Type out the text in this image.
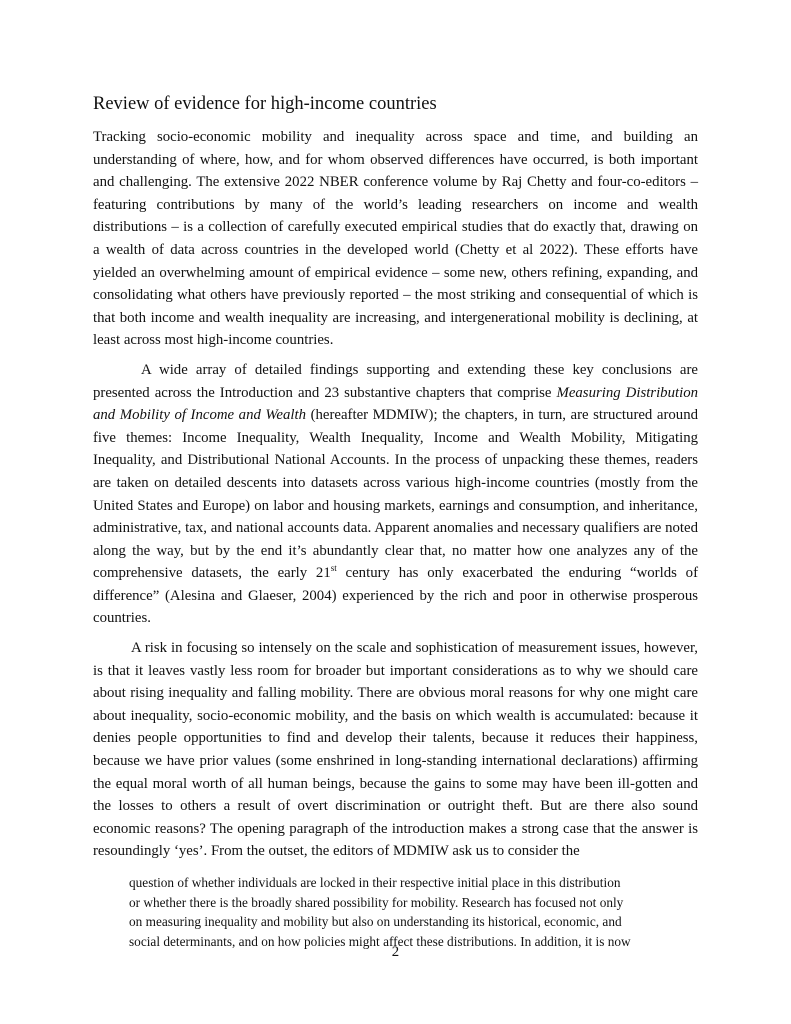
Review of evidence for high-income countries

Tracking socio-economic mobility and inequality across space and time, and building an understanding of where, how, and for whom observed differences have occurred, is both important and challenging. The extensive 2022 NBER conference volume by Raj Chetty and four-co-editors – featuring contributions by many of the world’s leading researchers on income and wealth distributions – is a collection of carefully executed empirical studies that do exactly that, drawing on a wealth of data across countries in the developed world (Chetty et al 2022). These efforts have yielded an overwhelming amount of empirical evidence – some new, others refining, expanding, and consolidating what others have previously reported – the most striking and consequential of which is that both income and wealth inequality are increasing, and intergenerational mobility is declining, at least across most high-income countries.

A wide array of detailed findings supporting and extending these key conclusions are presented across the Introduction and 23 substantive chapters that comprise Measuring Distribution and Mobility of Income and Wealth (hereafter MDMIW); the chapters, in turn, are structured around five themes: Income Inequality, Wealth Inequality, Income and Wealth Mobility, Mitigating Inequality, and Distributional National Accounts. In the process of unpacking these themes, readers are taken on detailed descents into datasets across various high-income countries (mostly from the United States and Europe) on labor and housing markets, earnings and consumption, and inheritance, administrative, tax, and national accounts data. Apparent anomalies and necessary qualifiers are noted along the way, but by the end it’s abundantly clear that, no matter how one analyzes any of the comprehensive datasets, the early 21st century has only exacerbated the enduring “worlds of difference” (Alesina and Glaeser, 2004) experienced by the rich and poor in otherwise prosperous countries.

A risk in focusing so intensely on the scale and sophistication of measurement issues, however, is that it leaves vastly less room for broader but important considerations as to why we should care about rising inequality and falling mobility. There are obvious moral reasons for why one might care about inequality, socio-economic mobility, and the basis on which wealth is accumulated: because it denies people opportunities to find and develop their talents, because it reduces their happiness, because we have prior values (some enshrined in long-standing international declarations) affirming the equal moral worth of all human beings, because the gains to some may have been ill-gotten and the losses to others a result of overt discrimination or outright theft. But are there also sound economic reasons? The opening paragraph of the introduction makes a strong case that the answer is resoundingly ‘yes’. From the outset, the editors of MDMIW ask us to consider the

question of whether individuals are locked in their respective initial place in this distribution
or whether there is the broadly shared possibility for mobility. Research has focused not only
on measuring inequality and mobility but also on understanding its historical, economic, and
social determinants, and on how policies might affect these distributions. In addition, it is now
2
